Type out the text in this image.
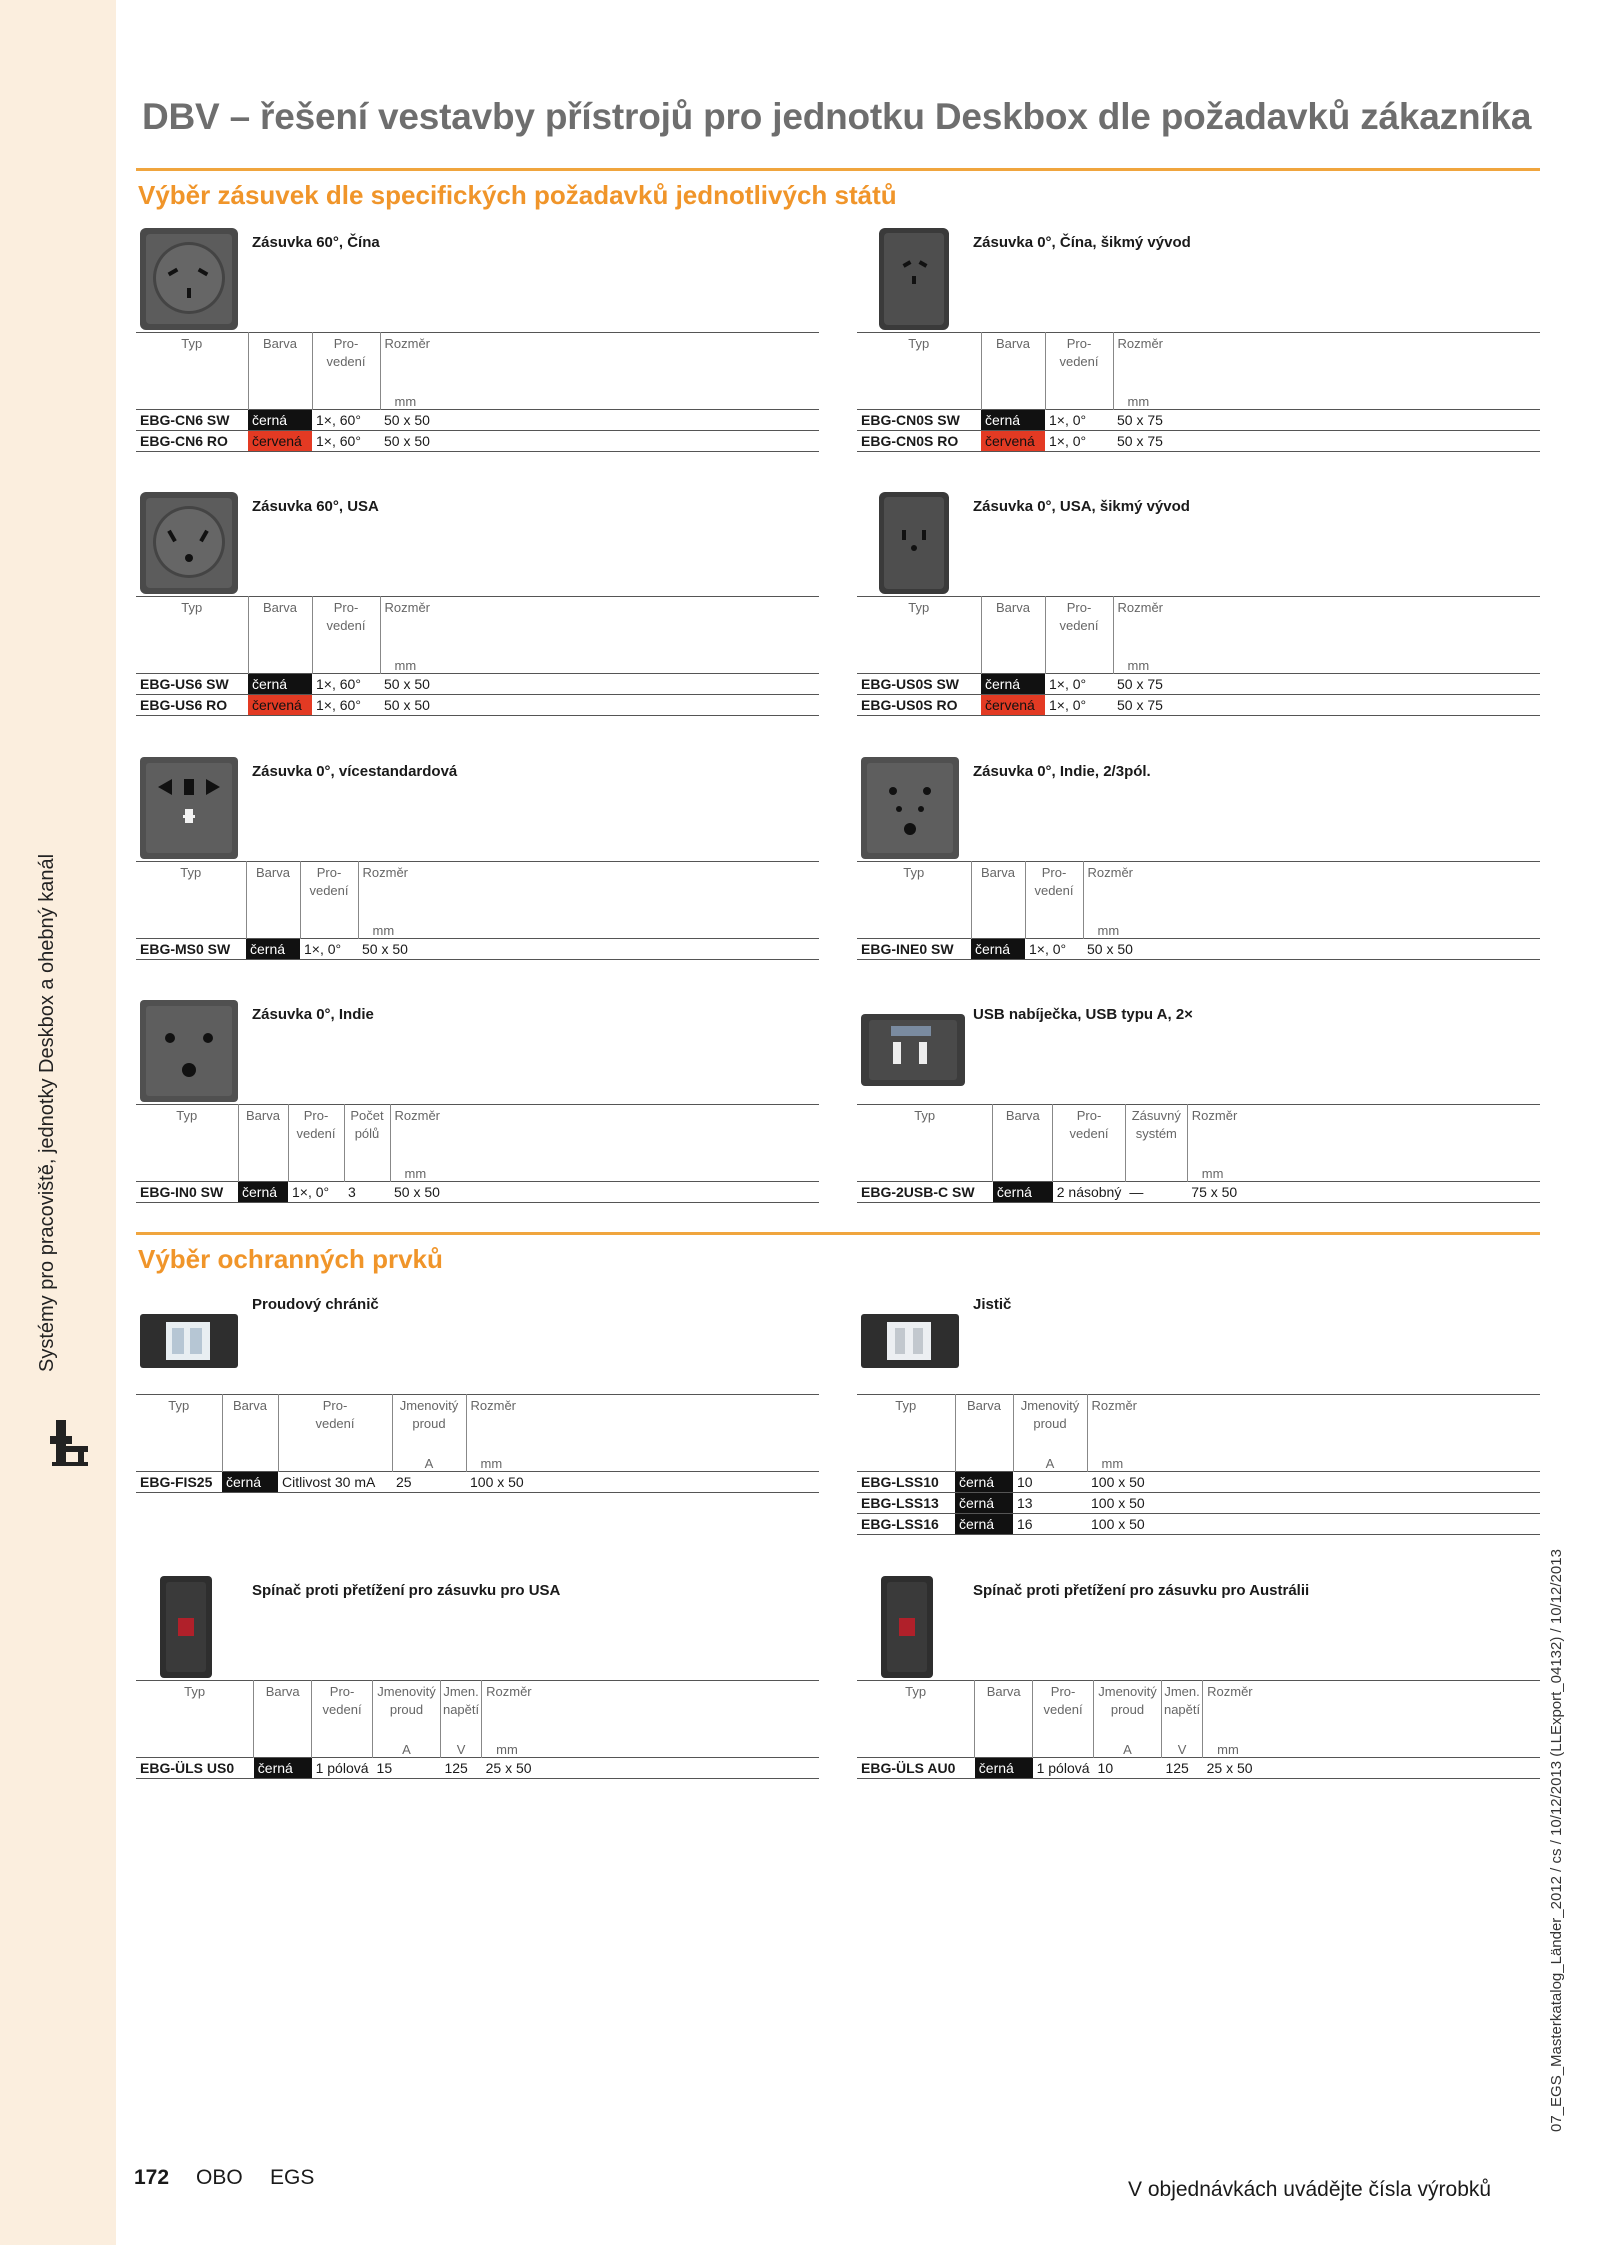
Systémy pro pracoviště, jednotky Deskbox a ohebný kanál
DBV – řešení vestavby přístrojů pro jednotku Deskbox dle požadavků zákazníka
Výběr zásuvek dle specifických požadavků jednotlivých států
Zásuvka 60°, Čína
Typ	Barva	Pro-
vedení	Rozměr
			mm
EBG-CN6 SW	černá	1×, 60°	50 x 50
EBG-CN6 RO	červená	1×, 60°	50 x 50
Zásuvka 0°, Čína, šikmý vývod
Typ	Barva	Pro-
vedení	Rozměr
			mm
EBG-CN0S SW	černá	1×, 0°	50 x 75
EBG-CN0S RO	červená	1×, 0°	50 x 75
Zásuvka 60°, USA
Typ	Barva	Pro-
vedení	Rozměr
			mm
EBG-US6 SW	černá	1×, 60°	50 x 50
EBG-US6 RO	červená	1×, 60°	50 x 50
Zásuvka 0°, USA, šikmý vývod
Typ	Barva	Pro-
vedení	Rozměr
			mm
EBG-US0S SW	černá	1×, 0°	50 x 75
EBG-US0S RO	červená	1×, 0°	50 x 75
Zásuvka 0°, vícestandardová
Typ	Barva	Pro-
vedení	Rozměr
			mm
EBG-MS0 SW	černá	1×, 0°	50 x 50
Zásuvka 0°, Indie, 2/3pól.
Typ	Barva	Pro-
vedení	Rozměr
			mm
EBG-INE0 SW	černá	1×, 0°	50 x 50
Zásuvka 0°, Indie
Typ	Barva	Pro-
vedení	Počet
pólů	Rozměr
				mm
EBG-IN0 SW	černá	1×, 0°	3	50 x 50
USB nabíječka, USB typu A, 2×
Typ	Barva	Pro-
vedení	Zásuvný
systém	Rozměr
				mm
EBG-2USB-C SW	černá	2 násobný	—	75 x 50
Výběr ochranných prvků
Proudový chránič
Typ	Barva	Pro-
vedení	Jmenovitý
proud	Rozměr
			A	mm
EBG-FIS25	černá	Citlivost 30 mA	25	100 x 50
Jistič
Typ	Barva	Jmenovitý
proud	Rozměr
		A	mm
EBG-LSS10	černá	10	100 x 50
EBG-LSS13	černá	13	100 x 50
EBG-LSS16	černá	16	100 x 50
Spínač proti přetížení pro zásuvku pro USA
Typ	Barva	Pro-
vedení	Jmenovitý
proud	Jmen.
napětí	Rozměr
			A	V	mm
EBG-ÜLS US0	černá	1 pólová	15	125	25 x 50
Spínač proti přetížení pro zásuvku pro Austrálii
Typ	Barva	Pro-
vedení	Jmenovitý
proud	Jmen.
napětí	Rozměr
			A	V	mm
EBG-ÜLS AU0	černá	1 pólová	10	125	25 x 50
172 OBO EGS
V objednávkách uvádějte čísla výrobků
07_EGS_Masterkatalog_Länder_2012 / cs / 10/12/2013 (LLExport_04132) / 10/12/2013
